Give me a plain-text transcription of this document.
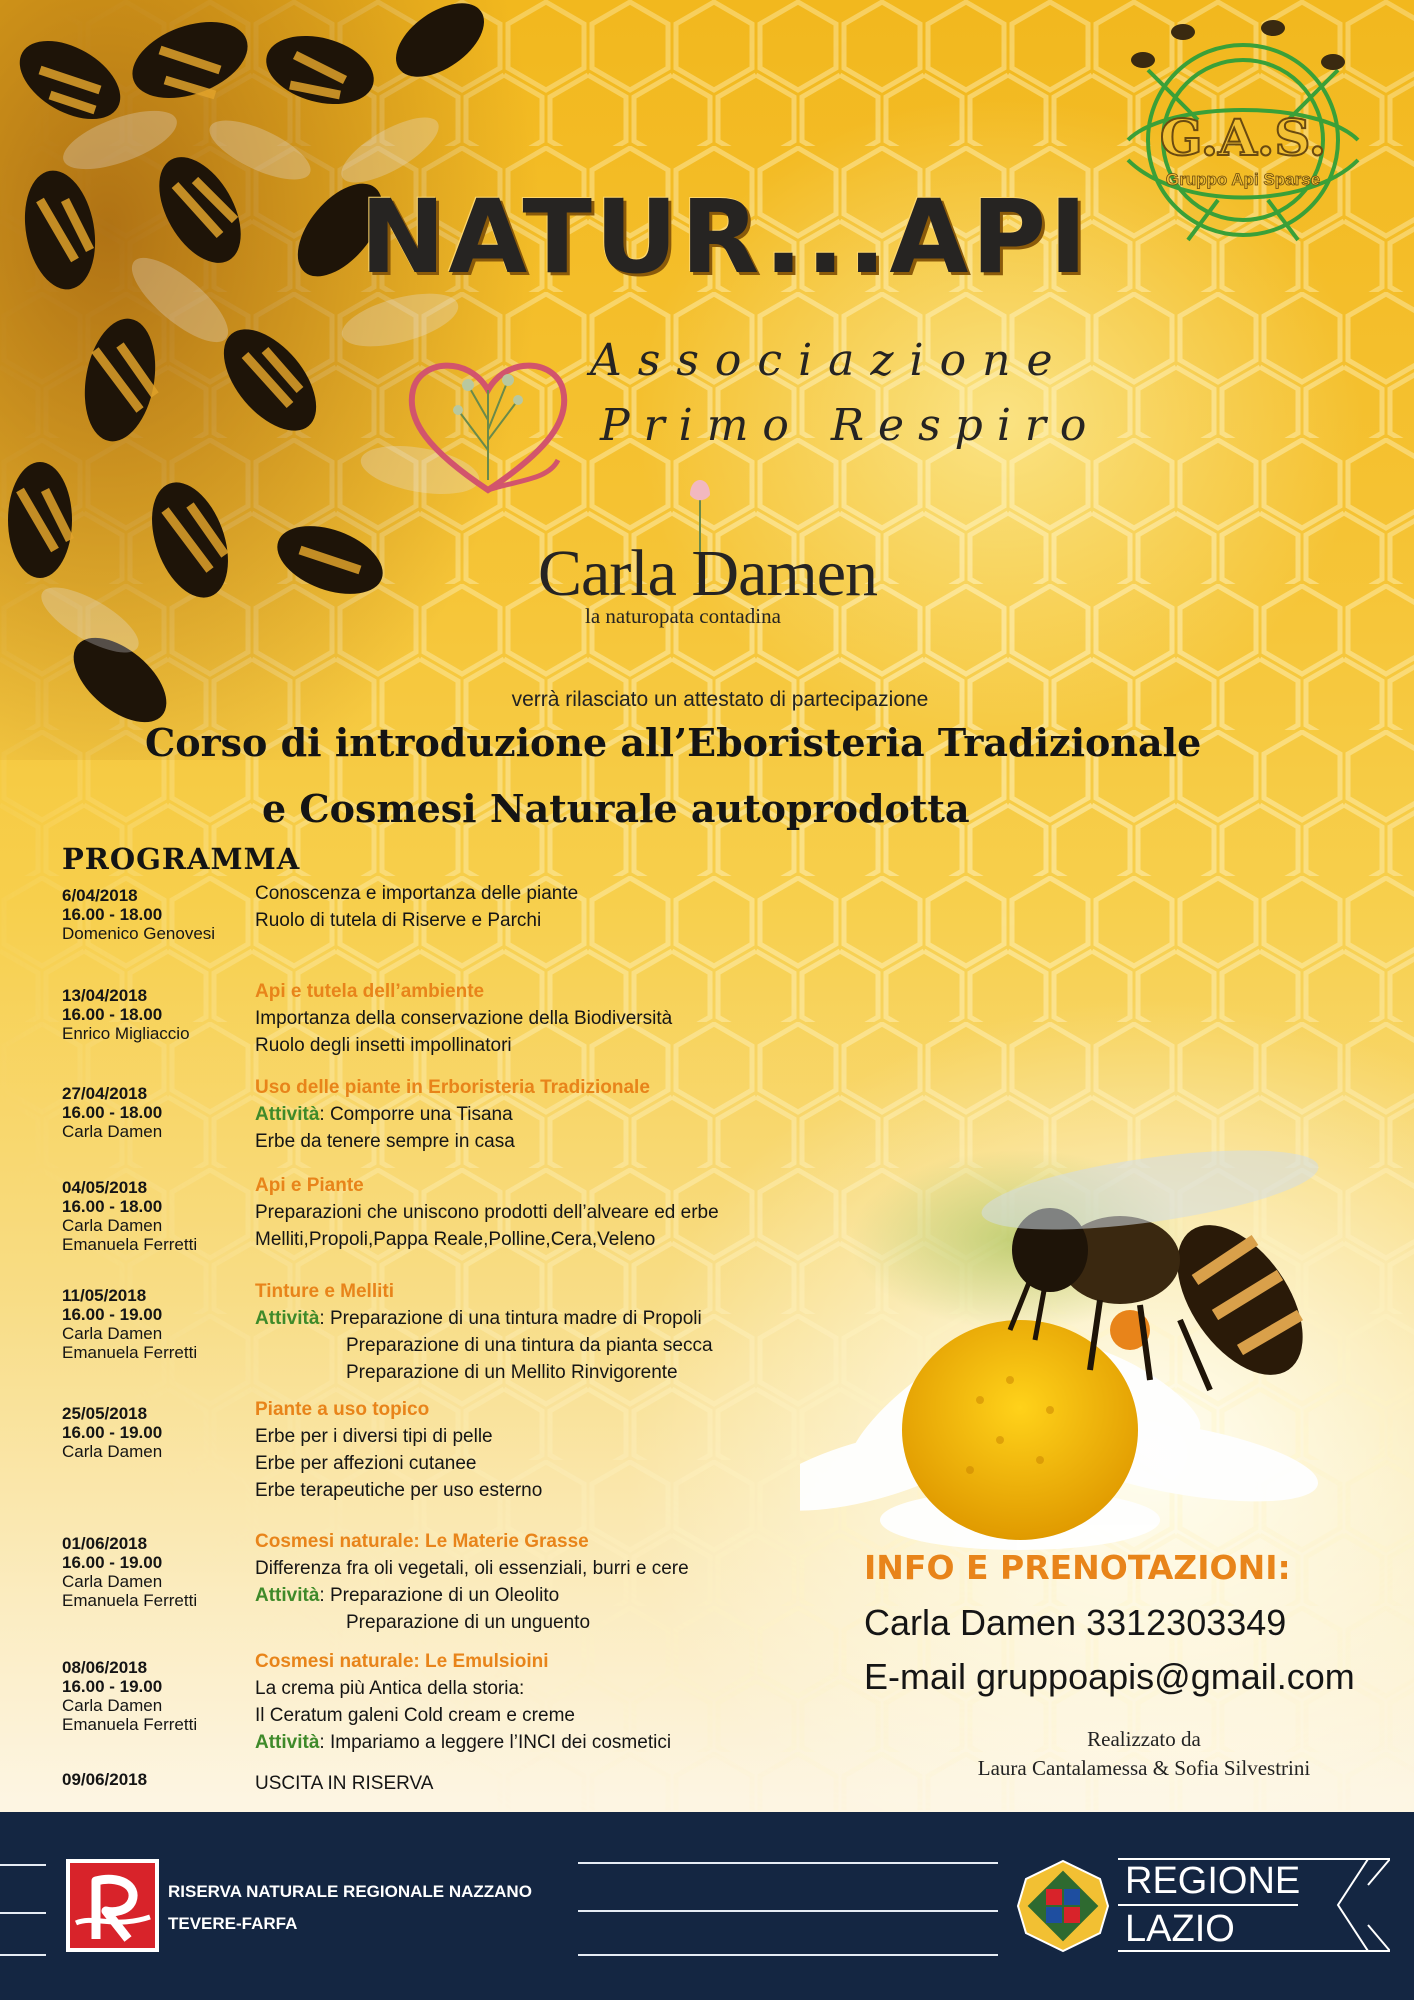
G.A.S.
Gruppo Api Sparse
NATUR...API
Associazione
Primo Respiro
Carla Damen
la naturopata contadina
verrà rilasciato un attestato di partecipazione
Corso di introduzione all’Eboristeria Tradizionale
e Cosmesi Naturale autoprodotta
PROGRAMMA
6/04/2018
16.00 - 18.00
Domenico Genovesi
Conoscenza e importanza delle piante
Ruolo di tutela di Riserve e Parchi
13/04/2018
16.00 - 18.00
Enrico Migliaccio
Api e tutela dell’ambiente
Importanza della conservazione della Biodiversità
Ruolo degli insetti impollinatori
27/04/2018
16.00 - 18.00
Carla Damen
Uso delle piante in Erboristeria Tradizionale
Attività: Comporre una Tisana
Erbe da tenere sempre in casa
04/05/2018
16.00 - 18.00
Carla Damen
Emanuela Ferretti
Api e Piante
Preparazioni che uniscono prodotti dell’alveare ed erbe
Melliti,Propoli,Pappa Reale,Polline,Cera,Veleno
11/05/2018
16.00 - 19.00
Carla Damen
Emanuela Ferretti
Tinture e Melliti
Attività: Preparazione di una tintura madre di Propoli
Preparazione di una tintura da pianta secca
Preparazione di un Mellito Rinvigorente
25/05/2018
16.00 - 19.00
Carla Damen
Piante a uso topico
Erbe per i diversi tipi di pelle
Erbe per affezioni cutanee
Erbe terapeutiche per uso esterno
01/06/2018
16.00 - 19.00
Carla Damen
Emanuela Ferretti
Cosmesi naturale: Le Materie Grasse
Differenza fra oli vegetali, oli essenziali, burri e cere
Attività: Preparazione di un Oleolito
Preparazione di un unguento
08/06/2018
16.00 - 19.00
Carla Damen
Emanuela Ferretti
Cosmesi naturale: Le Emulsioini
La crema più Antica della storia:
Il Ceratum galeni Cold cream e creme
Attività: Impariamo a leggere l’INCI dei cosmetici
09/06/2018	USCITA IN RISERVA
INFO E PRENOTAZIONI:
Carla Damen 3312303349
E-mail gruppoapis@gmail.com
Realizzato da
Laura Cantalamessa & Sofia Silvestrini
RISERVA NATURALE REGIONALE NAZZANO
TEVERE-FARFA
REGIONE
LAZIO
